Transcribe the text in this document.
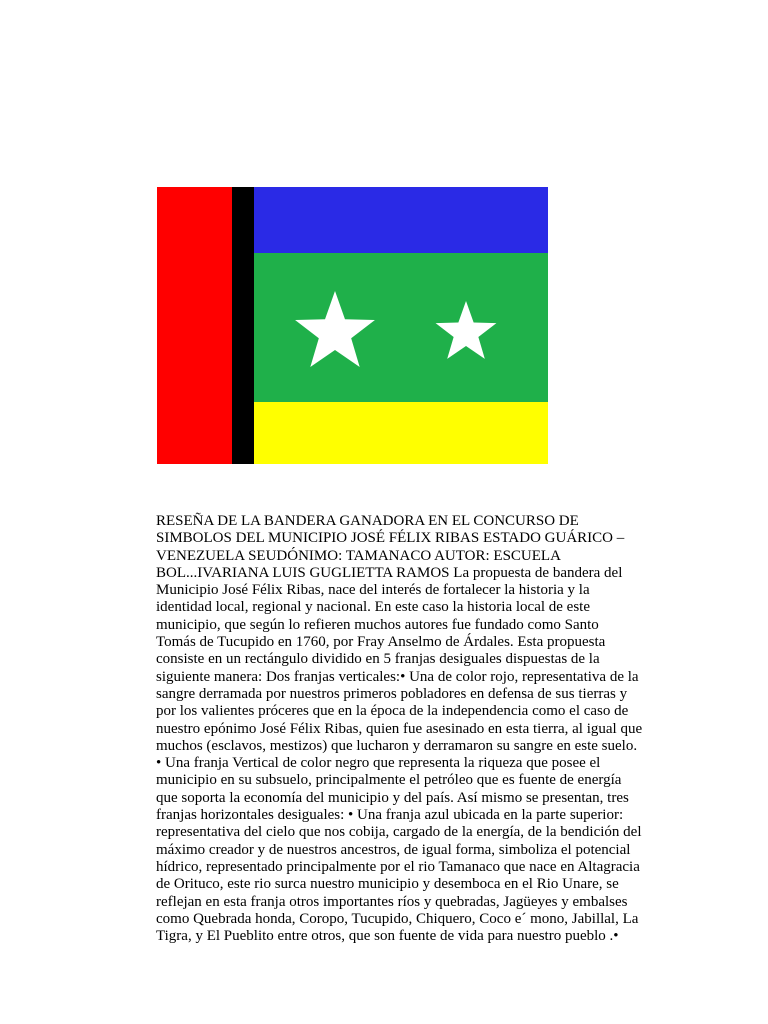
RESEÑA DE LA BANDERA GANADORA EN EL CONCURSO DE
SIMBOLOS DEL MUNICIPIO JOSÉ FÉLIX RIBAS ESTADO GUÁRICO –
VENEZUELA SEUDÓNIMO: TAMANACO AUTOR: ESCUELA
BOL...IVARIANA LUIS GUGLIETTA RAMOS La propuesta de bandera del
Municipio José Félix Ribas, nace del interés de fortalecer la historia y la
identidad local, regional y nacional. En este caso la historia local de este
municipio, que según lo refieren muchos autores fue fundado como Santo
Tomás de Tucupido en 1760, por Fray Anselmo de Árdales. Esta propuesta
consiste en un rectángulo dividido en 5 franjas desiguales dispuestas de la
siguiente manera: Dos franjas verticales:• Una de color rojo, representativa de la
sangre derramada por nuestros primeros pobladores en defensa de sus tierras y
por los valientes próceres que en la época de la independencia como el caso de
nuestro epónimo José Félix Ribas, quien fue asesinado en esta tierra, al igual que
muchos (esclavos, mestizos) que lucharon y derramaron su sangre en este suelo.
• Una franja Vertical de color negro que representa la riqueza que posee el
municipio en su subsuelo, principalmente el petróleo que es fuente de energía
que soporta la economía del municipio y del país. Así mismo se presentan, tres
franjas horizontales desiguales: • Una franja azul ubicada en la parte superior:
representativa del cielo que nos cobija, cargado de la energía, de la bendición del
máximo creador y de nuestros ancestros, de igual forma, simboliza el potencial
hídrico, representado principalmente por el rio Tamanaco que nace en Altagracia
de Orituco, este rio surca nuestro municipio y desemboca en el Rio Unare, se
reflejan en esta franja otros importantes ríos y quebradas, Jagüeyes y embalses
como Quebrada honda, Coropo, Tucupido, Chiquero, Coco e´ mono, Jabillal, La
Tigra, y El Pueblito entre otros, que son fuente de vida para nuestro pueblo .•
